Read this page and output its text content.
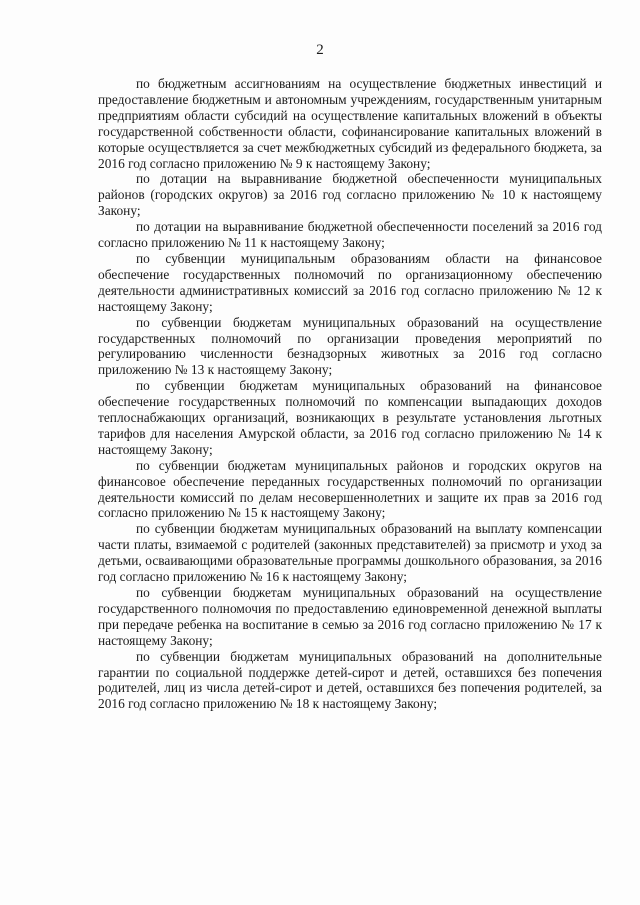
2

по бюджетным ассигнованиям на осуществление бюджетных инвестиций и предоставление бюджетным и автономным учреждениям, государственным унитарным предприятиям области субсидий на осуществление капитальных вложений в объекты государственной собственности области, софинансирование капитальных вложений в которые осуществляется за счет межбюджетных субсидий из федерального бюджета, за 2016 год согласно приложению № 9 к настоящему Закону;

по дотации на выравнивание бюджетной обеспеченности муниципальных районов (городских округов) за 2016 год согласно приложению № 10 к настоящему Закону;

по дотации на выравнивание бюджетной обеспеченности поселений за 2016 год согласно приложению № 11 к настоящему Закону;

по субвенции муниципальным образованиям области на финансовое обеспечение государственных полномочий по организационному обеспечению деятельности административных комиссий за 2016 год согласно приложению № 12 к настоящему Закону;

по субвенции бюджетам муниципальных образований на осуществление государственных полномочий по организации проведения мероприятий по регулированию численности безнадзорных животных за 2016 год согласно приложению № 13 к настоящему Закону;

по субвенции бюджетам муниципальных образований на финансовое обеспечение государственных полномочий по компенсации выпадающих доходов теплоснабжающих организаций, возникающих в результате установления льготных тарифов для населения Амурской области, за 2016 год согласно приложению № 14 к настоящему Закону;

по субвенции бюджетам муниципальных районов и городских округов на финансовое обеспечение переданных государственных полномочий по организации деятельности комиссий по делам несовершеннолетних и защите их прав за 2016 год согласно приложению № 15 к настоящему Закону;

по субвенции бюджетам муниципальных образований на выплату компенсации части платы, взимаемой с родителей (законных представителей) за присмотр и уход за детьми, осваивающими образовательные программы дошкольного образования, за 2016 год согласно приложению № 16 к настоящему Закону;

по субвенции бюджетам муниципальных образований на осуществление государственного полномочия по предоставлению единовременной денежной выплаты при передаче ребенка на воспитание в семью за 2016 год согласно приложению № 17 к настоящему Закону;

по субвенции бюджетам муниципальных образований на дополнительные гарантии по социальной поддержке детей-сирот и детей, оставшихся без попечения родителей, лиц из числа детей-сирот и детей, оставшихся без попечения родителей, за 2016 год согласно приложению № 18 к настоящему Закону;
